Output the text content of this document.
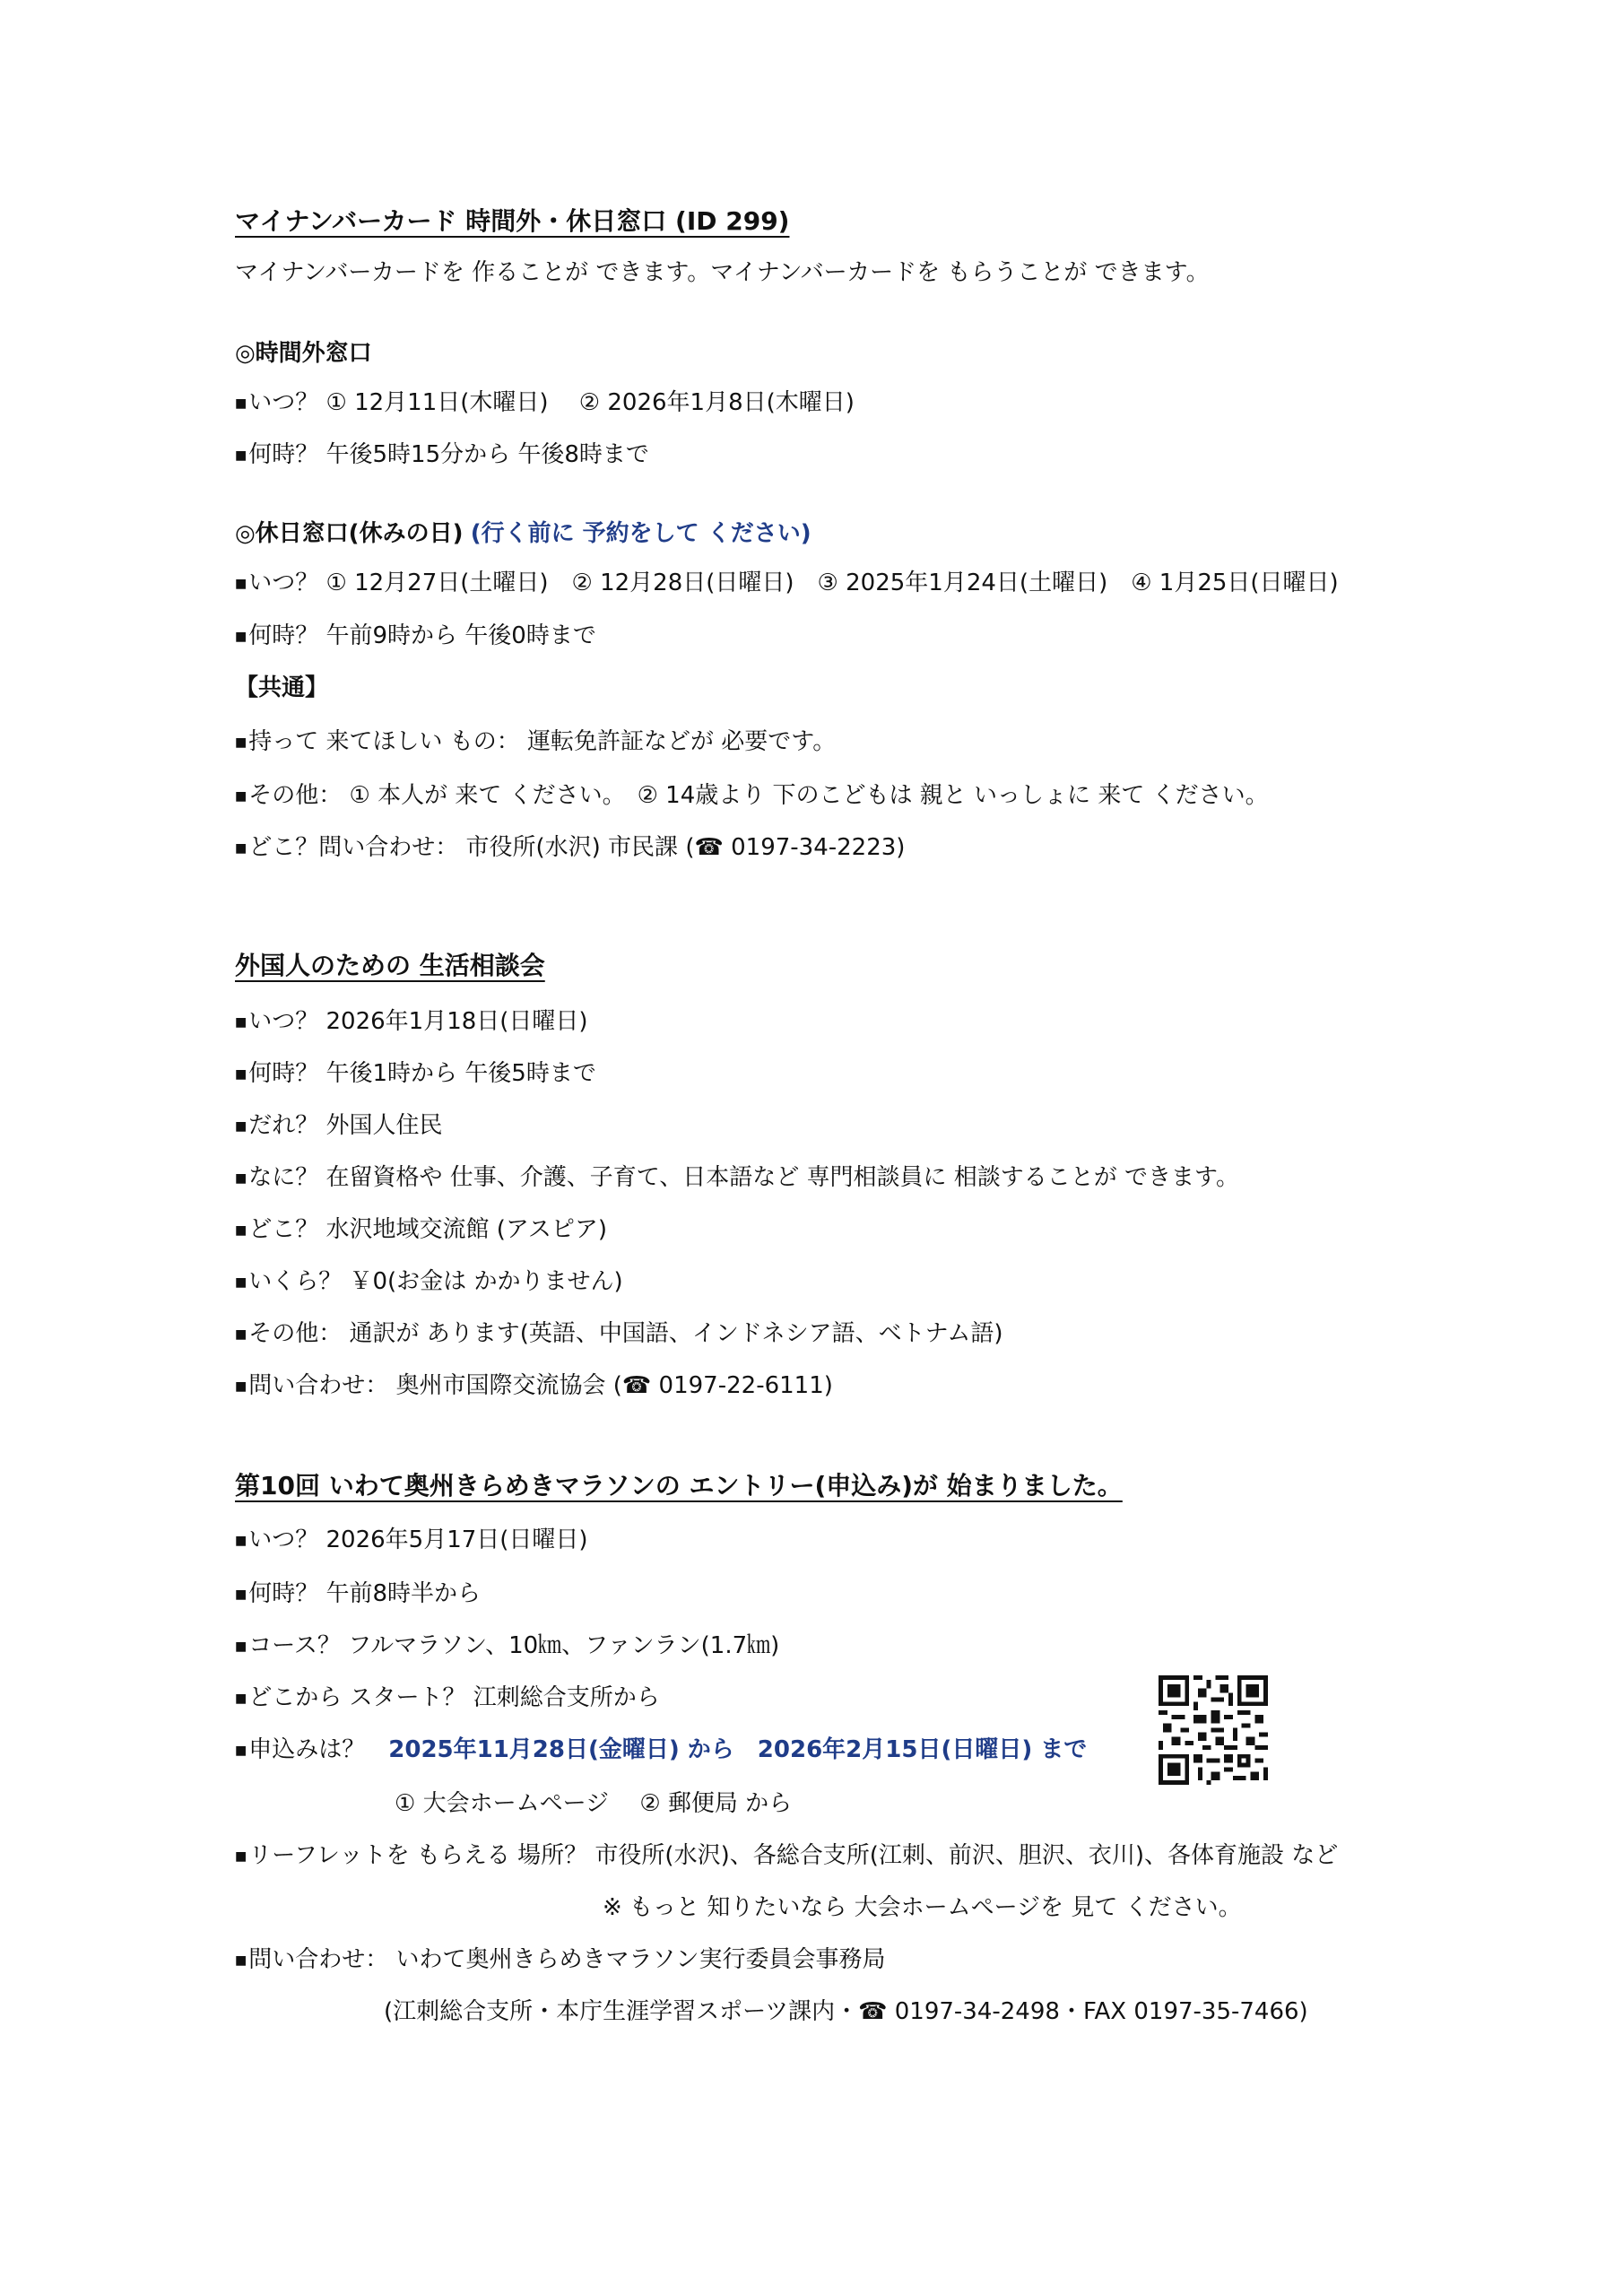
マイナンバーカード 時間外・休日窓口 (ID 299)
マイナンバーカードを 作ることが できます。マイナンバーカードを もらうことが できます。
◎時間外窓口
■いつ？ ① 12月11日(木曜日)　 ② 2026年1月8日(木曜日)
■何時？ 午後5時15分から 午後8時まで
◎休日窓口(休みの日) (行く前に 予約をして ください)
■いつ？ ① 12月27日(土曜日)　② 12月28日(日曜日)　③ 2025年1月24日(土曜日)　④ 1月25日(日曜日)
■何時？ 午前9時から 午後0時まで
【共通】
■持って 来てほしい もの： 運転免許証などが 必要です。
■その他： ① 本人が 来て ください。　② 14歳より 下のこどもは 親と いっしょに 来て ください。
■どこ？問い合わせ： 市役所(水沢) 市民課 (☎ 0197-34-2223)
外国人のための 生活相談会
■いつ？ 2026年1月18日(日曜日)
■何時？ 午後1時から 午後5時まで
■だれ？ 外国人住民
■なに？ 在留資格や 仕事、介護、子育て、日本語など 専門相談員に 相談することが できます。
■どこ？ 水沢地域交流館 (アスピア)
■いくら？ ￥0(お金は かかりません)
■その他： 通訳が あります(英語、中国語、インドネシア語、ベトナム語)
■問い合わせ： 奥州市国際交流協会 (☎ 0197-22-6111)
第10回 いわて奥州きらめきマラソンの エントリー(申込み)が 始まりました。
■いつ？ 2026年5月17日(日曜日)
■何時？ 午前8時半から
■コース？ フルマラソン、10㎞、ファンラン(1.7㎞)
■どこから スタート？ 江刺総合支所から
■申込みは？　 2025年11月28日(金曜日) から　2026年2月15日(日曜日) まで
① 大会ホームページ　 ② 郵便局 から
■リーフレットを もらえる 場所？ 市役所(水沢)、各総合支所(江刺、前沢、胆沢、衣川)、各体育施設 など
※ もっと 知りたいなら 大会ホームページを 見て ください。
■問い合わせ： いわて奥州きらめきマラソン実行委員会事務局
(江刺総合支所・本庁生涯学習スポーツ課内・☎ 0197-34-2498・FAX 0197-35-7466)
